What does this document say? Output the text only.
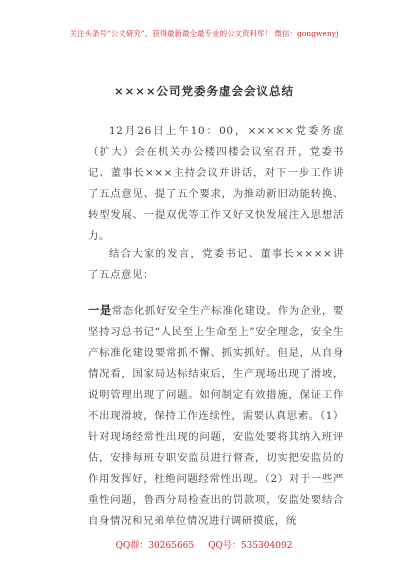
关注头条号“公文研究”，获得最新最全最专业的公文资料库！ 微信：gongwenyj
××××公司党委务虚会会议总结

12月26日上午10：00，×××××党委务虚（扩大）会在机关办公楼四楼会议室召开，党委书记、董事长×××主持会议并讲话，对下一步工作讲了五点意见、提了五个要求，为推动新旧动能转换、转型发展、一提双优等工作又好又快发展注入思想活力。

结合大家的发言，党委书记、董事长××××讲了五点意见：

一是常态化抓好安全生产标准化建设。作为企业，要坚持习总书记“人民至上生命至上”安全理念，安全生产标准化建设要常抓不懈、抓实抓好。但是，从自身情况看，国家局达标结束后，生产现场出现了滑坡，说明管理出现了问题。如何制定有效措施，保证工作不出现滑坡，保持工作连续性，需要认真思索。（1）针对现场经常性出现的问题，安监处要将其纳入班评估，安排每班专职安监员进行督查，切实把安监员的作用发挥好，杜绝问题经常性出现。（2）对于一些严重性问题，鲁西分局检查出的罚款项，安监处要结合自身情况和兄弟单位情况进行调研摸底，统

QQ群：30265665 QQ号：535304092
